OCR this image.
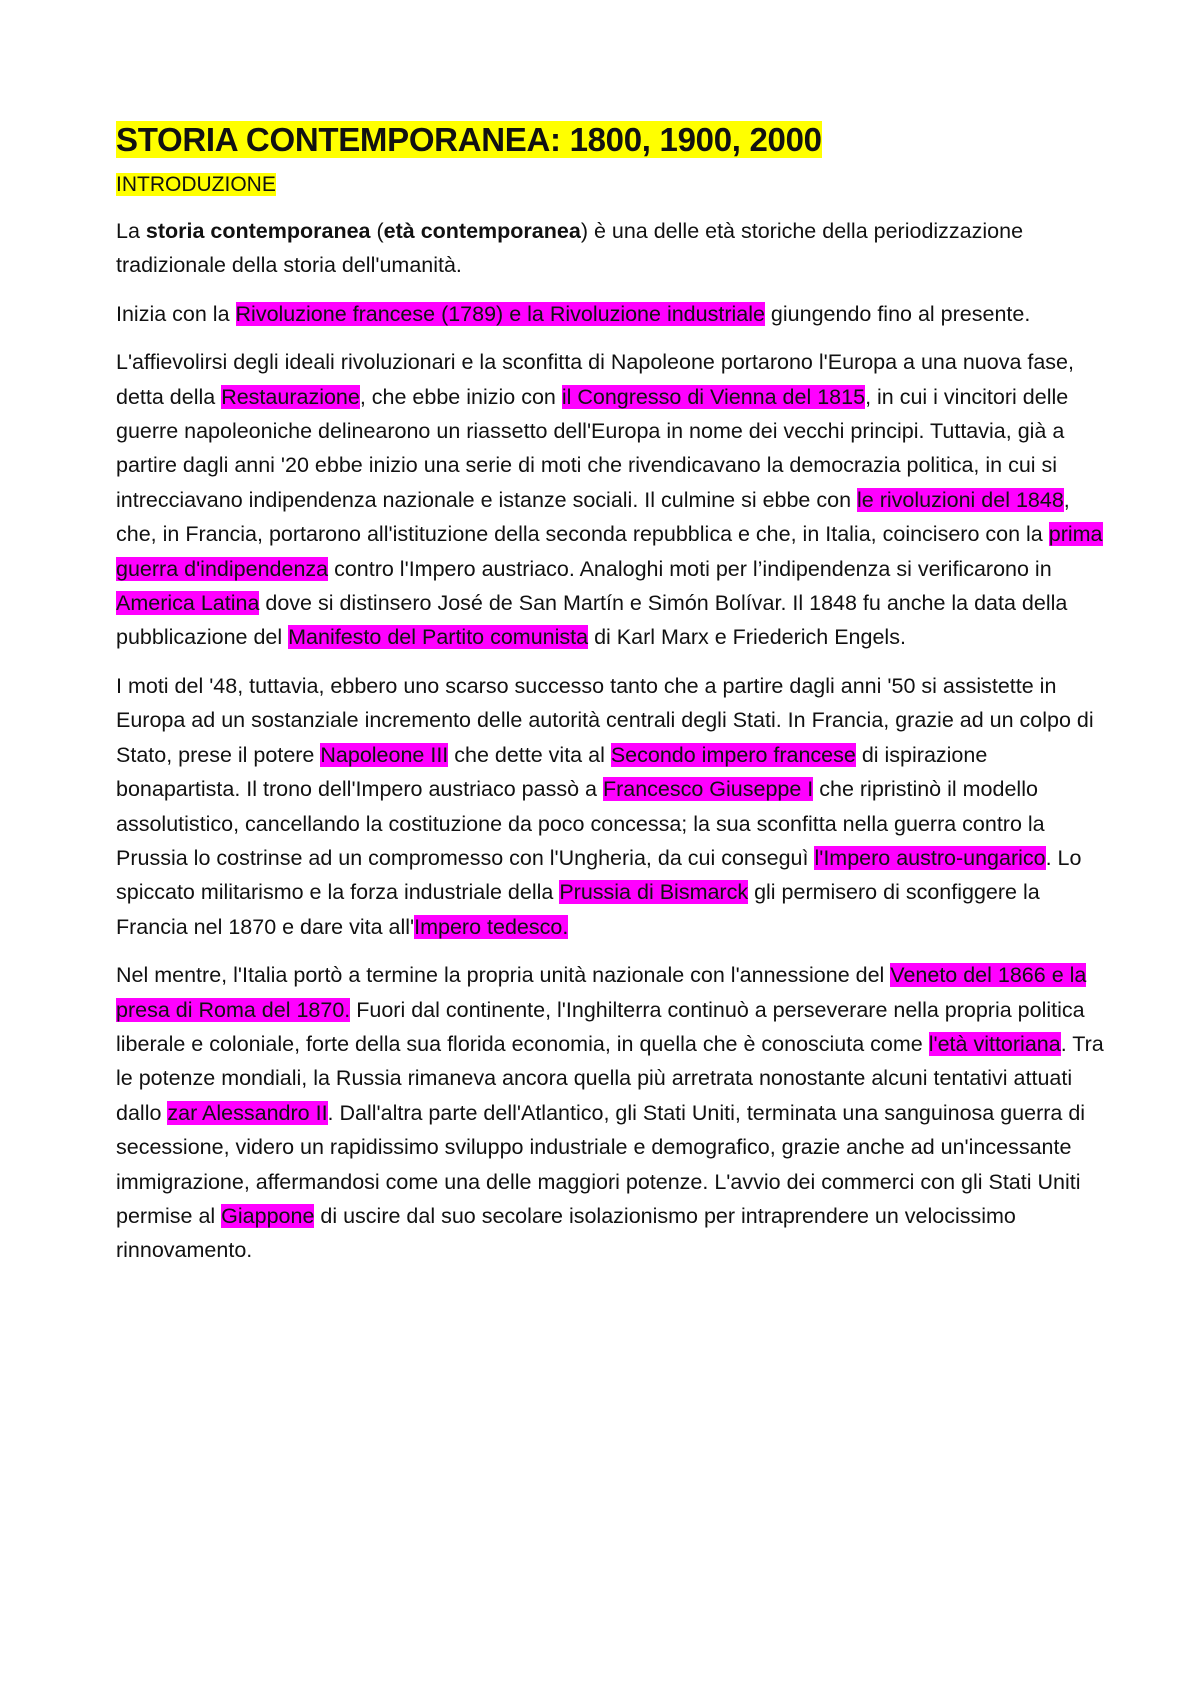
STORIA CONTEMPORANEA: 1800, 1900, 2000
INTRODUZIONE

La storia contemporanea (età contemporanea) è una delle età storiche della periodizzazione tradizionale della storia dell'umanità.

Inizia con la Rivoluzione francese (1789) e la Rivoluzione industriale giungendo fino al presente.

L'affievolirsi degli ideali rivoluzionari e la sconfitta di Napoleone portarono l'Europa a una nuova fase, detta della Restaurazione, che ebbe inizio con il Congresso di Vienna del 1815, in cui i vincitori delle guerre napoleoniche delinearono un riassetto dell'Europa in nome dei vecchi principi. Tuttavia, già a partire dagli anni '20 ebbe inizio una serie di moti che rivendicavano la democrazia politica, in cui si intrecciavano indipendenza nazionale e istanze sociali. Il culmine si ebbe con le rivoluzioni del 1848, che, in Francia, portarono all'istituzione della seconda repubblica e che, in Italia, coincisero con la prima guerra d'indipendenza contro l'Impero austriaco. Analoghi moti per l’indipendenza si verificarono in America Latina dove si distinsero José de San Martín e Simón Bolívar. Il 1848 fu anche la data della pubblicazione del Manifesto del Partito comunista di Karl Marx e Friederich Engels.

I moti del '48, tuttavia, ebbero uno scarso successo tanto che a partire dagli anni '50 si assistette in Europa ad un sostanziale incremento delle autorità centrali degli Stati. In Francia, grazie ad un colpo di Stato, prese il potere Napoleone III che dette vita al Secondo impero francese di ispirazione bonapartista. Il trono dell'Impero austriaco passò a Francesco Giuseppe I che ripristinò il modello assolutistico, cancellando la costituzione da poco concessa; la sua sconfitta nella guerra contro la Prussia lo costrinse ad un compromesso con l'Ungheria, da cui conseguì l'Impero austro-ungarico. Lo spiccato militarismo e la forza industriale della Prussia di Bismarck gli permisero di sconfiggere la Francia nel 1870 e dare vita all'Impero tedesco.

Nel mentre, l'Italia portò a termine la propria unità nazionale con l'annessione del Veneto del 1866 e la presa di Roma del 1870. Fuori dal continente, l'Inghilterra continuò a perseverare nella propria politica liberale e coloniale, forte della sua florida economia, in quella che è conosciuta come l'età vittoriana. Tra le potenze mondiali, la Russia rimaneva ancora quella più arretrata nonostante alcuni tentativi attuati dallo zar Alessandro II. Dall'altra parte dell'Atlantico, gli Stati Uniti, terminata una sanguinosa guerra di secessione, videro un rapidissimo sviluppo industriale e demografico, grazie anche ad un'incessante immigrazione, affermandosi come una delle maggiori potenze. L'avvio dei commerci con gli Stati Uniti permise al Giappone di uscire dal suo secolare isolazionismo per intraprendere un velocissimo rinnovamento.
